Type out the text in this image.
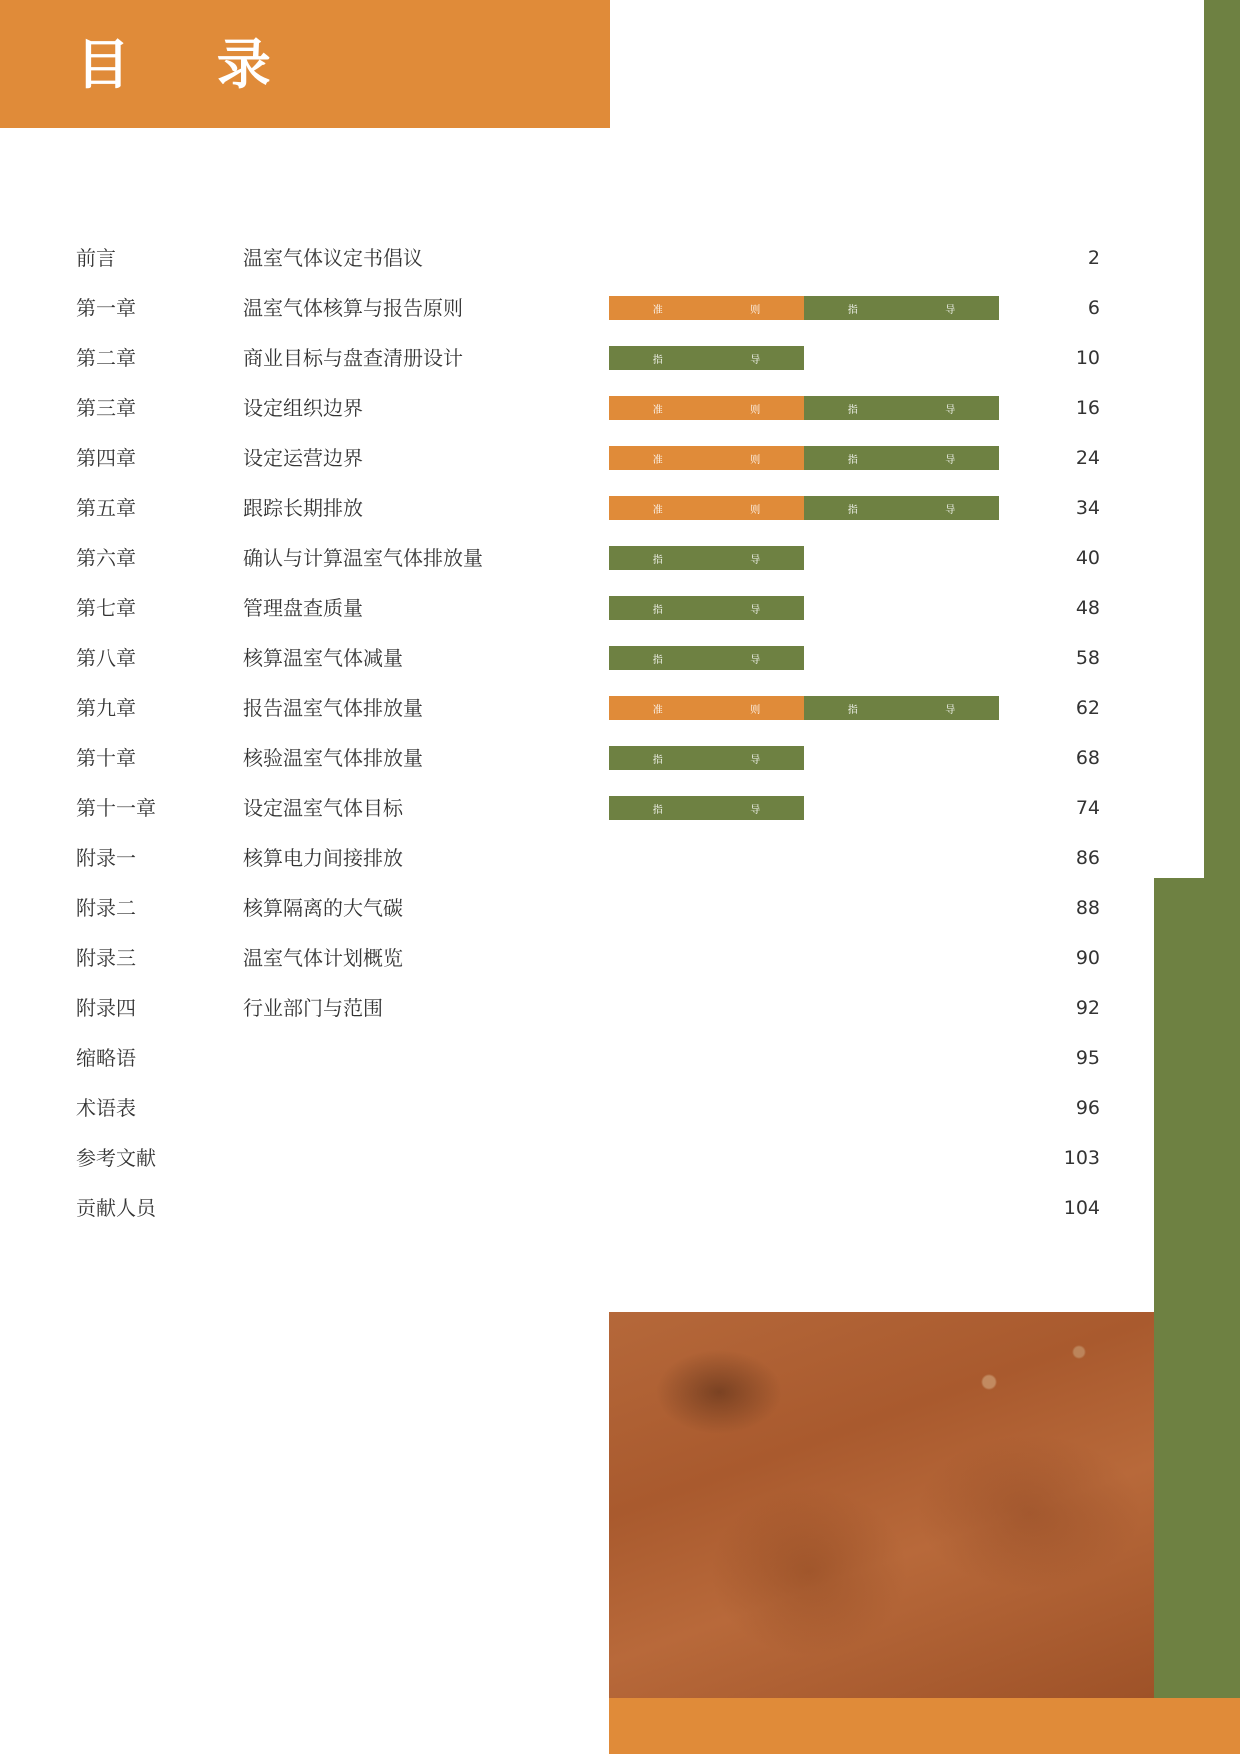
目 录
前言	温室气体议定书倡议	2
第一章	温室气体核算与报告原则	准	则	指	导	6
第二章	商业目标与盘查清册设计	指	导	10
第三章	设定组织边界	准	则	指	导	16
第四章	设定运营边界	准	则	指	导	24
第五章	跟踪长期排放	准	则	指	导	34
第六章	确认与计算温室气体排放量	指	导	40
第七章	管理盘查质量	指	导	48
第八章	核算温室气体减量	指	导	58
第九章	报告温室气体排放量	准	则	指	导	62
第十章	核验温室气体排放量	指	导	68
第十一章	设定温室气体目标	指	导	74
附录一	核算电力间接排放	86
附录二	核算隔离的大气碳	88
附录三	温室气体计划概览	90
附录四	行业部门与范围	92
缩略语	95
术语表	96
参考文献	103
贡献人员	104
